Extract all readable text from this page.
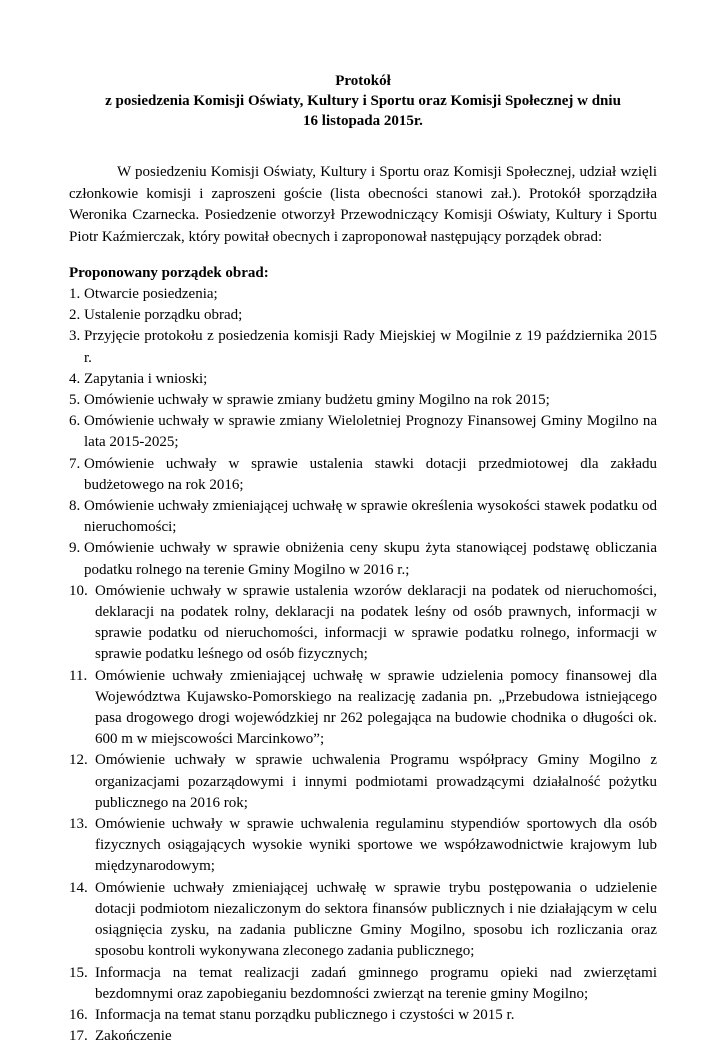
Protokół
z posiedzenia Komisji Oświaty, Kultury i Sportu oraz Komisji Społecznej w dniu
16 listopada 2015r.

W posiedzeniu Komisji Oświaty, Kultury i Sportu oraz Komisji Społecznej, udział wzięli członkowie komisji i zaproszeni goście (lista obecności stanowi zał.). Protokół sporządziła Weronika Czarnecka. Posiedzenie otworzył Przewodniczący Komisji Oświaty, Kultury i Sportu Piotr Kaźmierczak, który powitał obecnych i zaproponował następujący porządek obrad:

Proponowany porządek obrad:
1. Otwarcie posiedzenia;
2. Ustalenie porządku obrad;
3. Przyjęcie protokołu z posiedzenia komisji Rady Miejskiej w Mogilnie z 19 października 2015 r.
4. Zapytania i wnioski;
5. Omówienie uchwały w sprawie zmiany budżetu gminy Mogilno na rok 2015;
6. Omówienie uchwały w sprawie zmiany Wieloletniej Prognozy Finansowej Gminy Mogilno na lata 2015-2025;
7. Omówienie uchwały w sprawie ustalenia stawki dotacji przedmiotowej dla zakładu budżetowego na rok 2016;
8. Omówienie uchwały zmieniającej uchwałę w sprawie określenia wysokości stawek podatku od nieruchomości;
9. Omówienie uchwały w sprawie obniżenia ceny skupu żyta stanowiącej podstawę obliczania podatku rolnego na terenie Gminy Mogilno w 2016 r.;
10. Omówienie uchwały w sprawie ustalenia wzorów deklaracji na podatek od nieruchomości, deklaracji na podatek rolny, deklaracji na podatek leśny od osób prawnych, informacji w sprawie podatku od nieruchomości, informacji w sprawie podatku rolnego, informacji w sprawie podatku leśnego od osób fizycznych;
11. Omówienie uchwały zmieniającej uchwałę w sprawie udzielenia pomocy finansowej dla Województwa Kujawsko-Pomorskiego na realizację zadania pn. „Przebudowa istniejącego pasa drogowego drogi wojewódzkiej nr 262 polegająca na budowie chodnika o długości ok. 600 m w miejscowości Marcinkowo”;
12. Omówienie uchwały w sprawie uchwalenia Programu współpracy Gminy Mogilno z organizacjami pozarządowymi i innymi podmiotami prowadzącymi działalność pożytku publicznego na 2016 rok;
13. Omówienie uchwały w sprawie uchwalenia regulaminu stypendiów sportowych dla osób fizycznych osiągających wysokie wyniki sportowe we współzawodnictwie krajowym lub międzynarodowym;
14. Omówienie uchwały zmieniającej uchwałę w sprawie trybu postępowania o udzielenie dotacji podmiotom niezaliczonym do sektora finansów publicznych i nie działającym w celu osiągnięcia zysku, na zadania publiczne Gminy Mogilno, sposobu ich rozliczania oraz sposobu kontroli wykonywana zleconego zadania publicznego;
15. Informacja na temat realizacji zadań gminnego programu opieki nad zwierzętami bezdomnymi oraz zapobieganiu bezdomności zwierząt na terenie gminy Mogilno;
16. Informacja na temat stanu porządku publicznego i czystości w 2015 r.
17. Zakończenie
